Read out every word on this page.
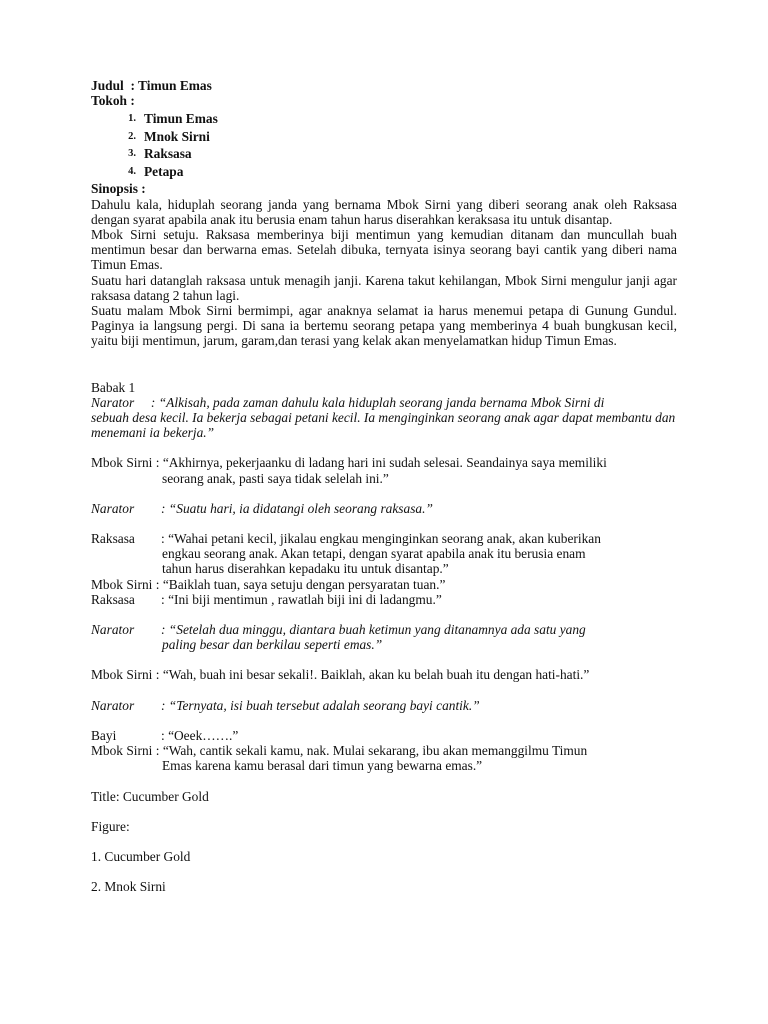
Judul : Timun Emas

Tokoh :

1. Timun Emas
2. Mnok Sirni
3. Raksasa
4. Petapa

Sinopsis :

Dahulu kala, hiduplah seorang janda yang bernama Mbok Sirni yang diberi seorang anak oleh Raksasa dengan syarat apabila anak itu berusia enam tahun harus diserahkan keraksasa itu untuk disantap.

Mbok Sirni setuju. Raksasa memberinya biji mentimun yang kemudian ditanam dan muncullah buah mentimun besar dan berwarna emas. Setelah dibuka, ternyata isinya seorang bayi cantik yang diberi nama Timun Emas.

Suatu hari datanglah raksasa untuk menagih janji. Karena takut kehilangan, Mbok Sirni mengulur janji agar raksasa datang 2 tahun lagi.

Suatu malam Mbok Sirni bermimpi, agar anaknya selamat ia harus menemui petapa di Gunung Gundul. Paginya ia langsung pergi. Di sana ia bertemu seorang petapa yang memberinya 4 buah bungkusan kecil, yaitu biji mentimun, jarum, garam,dan terasi yang kelak akan menyelamatkan hidup Timun Emas.

Babak 1

Narator     : “Alkisah, pada zaman dahulu kala hiduplah seorang janda bernama Mbok Sirni di

sebuah desa kecil. Ia bekerja sebagai petani kecil. Ia menginginkan seorang anak agar dapat membantu dan menemani ia bekerja.”

Mbok Sirni : “Akhirnya, pekerjaanku di ladang hari ini sudah selesai. Seandainya saya memiliki

seorang anak, pasti saya tidak selelah ini.”

Narator	: “Suatu hari, ia didatangi oleh seorang raksasa.”
Raksasa	: “Wahai petani kecil, jikalau engkau menginginkan seorang anak, akan kuberikan

engkau seorang anak. Akan tetapi, dengan syarat apabila anak itu berusia enam

tahun harus diserahkan kepadaku itu untuk disantap.”

Mbok Sirni : “Baiklah tuan, saya setuju dengan persyaratan tuan.”

Raksasa	: “Ini biji mentimun , rawatlah biji ini di ladangmu.”
Narator	: “Setelah dua minggu, diantara buah ketimun yang ditanamnya ada satu yang

paling besar dan berkilau seperti emas.”

Mbok Sirni : “Wah, buah ini besar sekali!. Baiklah, akan ku belah buah itu dengan hati-hati.”

Narator	: “Ternyata, isi buah tersebut adalah seorang bayi cantik.”
Bayi	: “Oeek…….”

Mbok Sirni : “Wah, cantik sekali kamu, nak. Mulai sekarang, ibu akan memanggilmu Timun

Emas karena kamu berasal dari timun yang bewarna emas.”

Title: Cucumber Gold

Figure:

1. Cucumber Gold

2. Mnok Sirni
